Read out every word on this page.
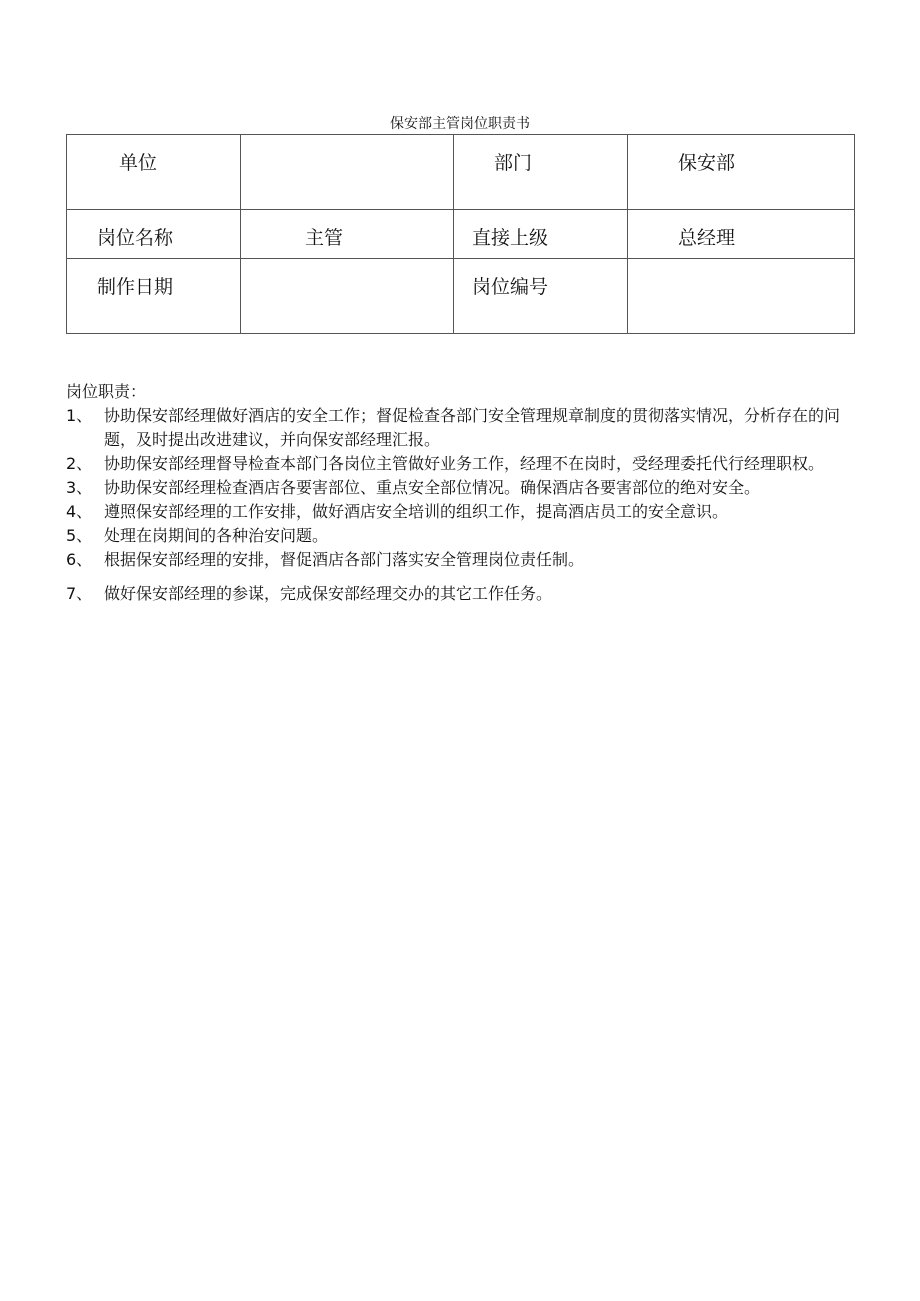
保安部主管岗位职责书
单位		部门	保安部

岗位名称	主管	直接上级	总经理

制作日期		岗位编号	

岗位职责：

1、 协助保安部经理做好酒店的安全工作；督促检查各部门安全管理规章制度的贯彻落实情况，分析存在的问题，及时提出改进建议，并向保安部经理汇报。

2、 协助保安部经理督导检查本部门各岗位主管做好业务工作，经理不在岗时，受经理委托代行经理职权。

3、 协助保安部经理检查酒店各要害部位、重点安全部位情况。确保酒店各要害部位的绝对安全。

4、 遵照保安部经理的工作安排，做好酒店安全培训的组织工作，提高酒店员工的安全意识。

5、 处理在岗期间的各种治安问题。

6、 根据保安部经理的安排，督促酒店各部门落实安全管理岗位责任制。

7、 做好保安部经理的参谋，完成保安部经理交办的其它工作任务。
